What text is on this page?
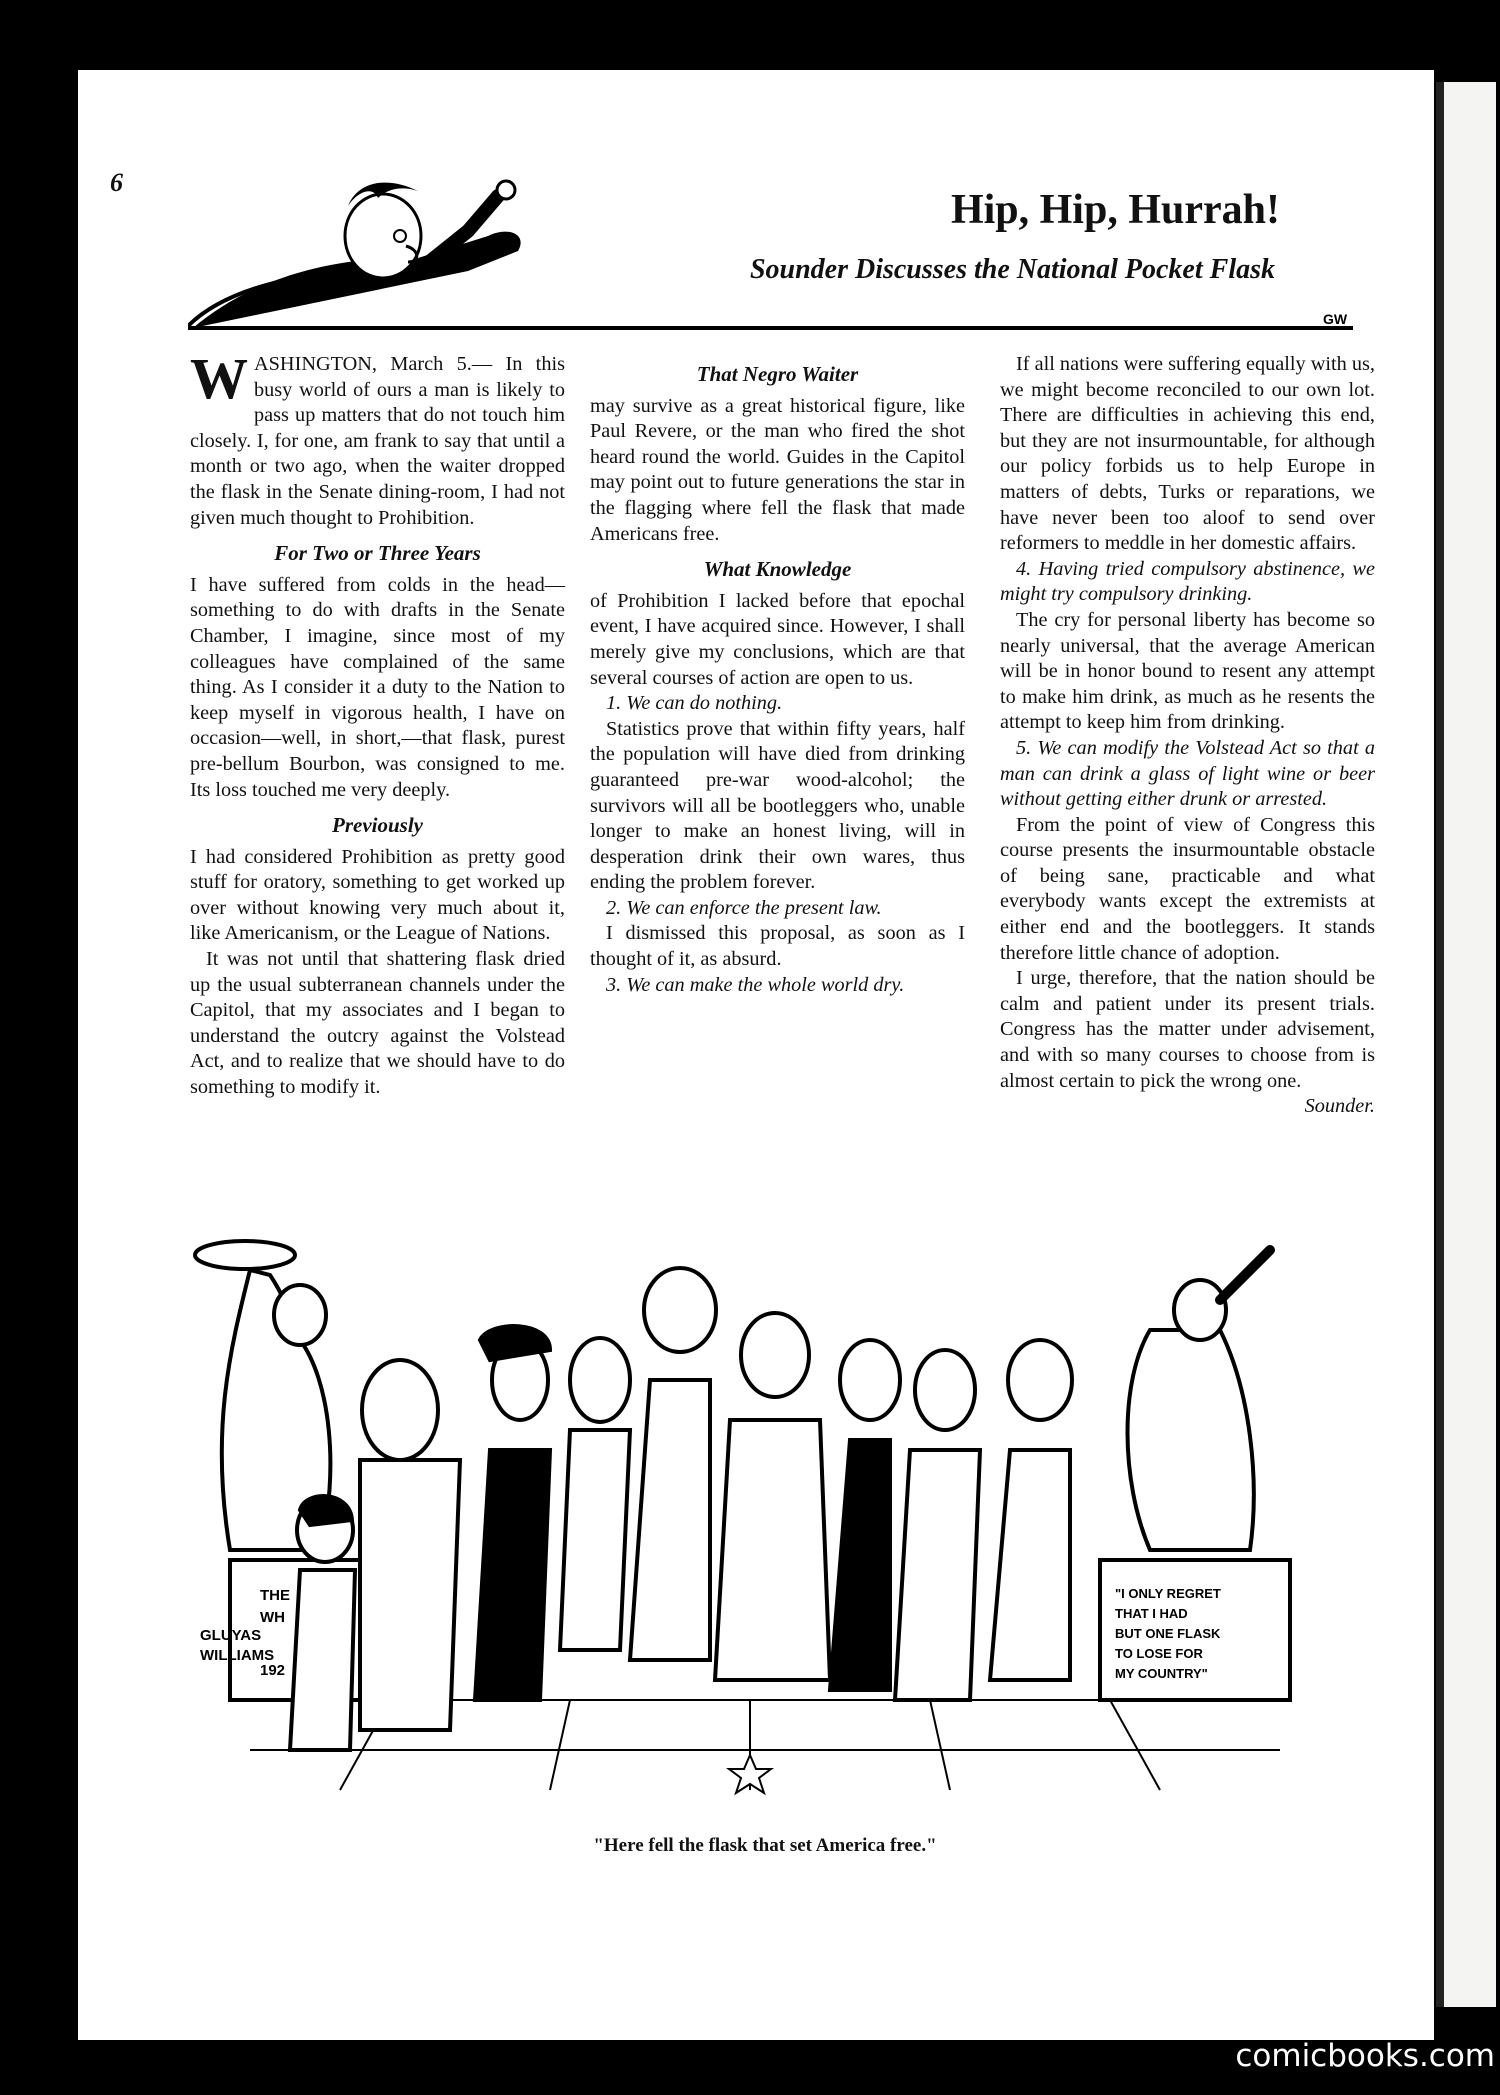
6
GW
Hip, Hip, Hurrah!
Sounder Discusses the National Pocket Flask

WASHINGTON, March 5.— In this busy world of ours a man is likely to pass up matters that do not touch him closely. I, for one, am frank to say that until a month or two ago, when the waiter dropped the flask in the Senate dining-room, I had not given much thought to Prohibition.

For Two or Three Years

I have suffered from colds in the head—something to do with drafts in the Senate Chamber, I imagine, since most of my colleagues have complained of the same thing. As I consider it a duty to the Nation to keep myself in vigorous health, I have on occasion—well, in short,—that flask, purest pre-bellum Bourbon, was consigned to me. Its loss touched me very deeply.

Previously

I had considered Prohibition as pretty good stuff for oratory, something to get worked up over without knowing very much about it, like Americanism, or the League of Nations.

It was not until that shattering flask dried up the usual subterranean channels under the Capitol, that my associates and I began to understand the outcry against the Volstead Act, and to realize that we should have to do something to modify it.

That Negro Waiter

may survive as a great historical figure, like Paul Revere, or the man who fired the shot heard round the world. Guides in the Capitol may point out to future generations the star in the flagging where fell the flask that made Americans free.

What Knowledge

of Prohibition I lacked before that epochal event, I have acquired since. However, I shall merely give my conclusions, which are that several courses of action are open to us.

1. We can do nothing.

Statistics prove that within fifty years, half the population will have died from drinking guaranteed pre-war wood-alcohol; the survivors will all be bootleggers who, unable longer to make an honest living, will in desperation drink their own wares, thus ending the problem forever.

2. We can enforce the present law.

I dismissed this proposal, as soon as I thought of it, as absurd.

3. We can make the whole world dry.

If all nations were suffering equally with us, we might become reconciled to our own lot. There are difficulties in achieving this end, but they are not insurmountable, for although our policy forbids us to help Europe in matters of debts, Turks or reparations, we have never been too aloof to send over reformers to meddle in her domestic affairs.

4. Having tried compulsory abstinence, we might try compulsory drinking.

The cry for personal liberty has become so nearly universal, that the average American will be in honor bound to resent any attempt to make him drink, as much as he resents the attempt to keep him from drinking.

5. We can modify the Volstead Act so that a man can drink a glass of light wine or beer without getting either drunk or arrested.

From the point of view of Congress this course presents the insurmountable obstacle of being sane, practicable and what everybody wants except the extremists at either end and the bootleggers. It stands therefore little chance of adoption.

I urge, therefore, that the nation should be calm and patient under its present trials. Congress has the matter under advisement, and with so many courses to choose from is almost certain to pick the wrong one.

Sounder.

THE
WH
192
"I ONLY REGRET
THAT I HAD
BUT ONE FLASK
TO LOSE FOR
MY COUNTRY"
GLUYAS
WILLIAMS
"Here fell the flask that set America free."
comicbooks.com
